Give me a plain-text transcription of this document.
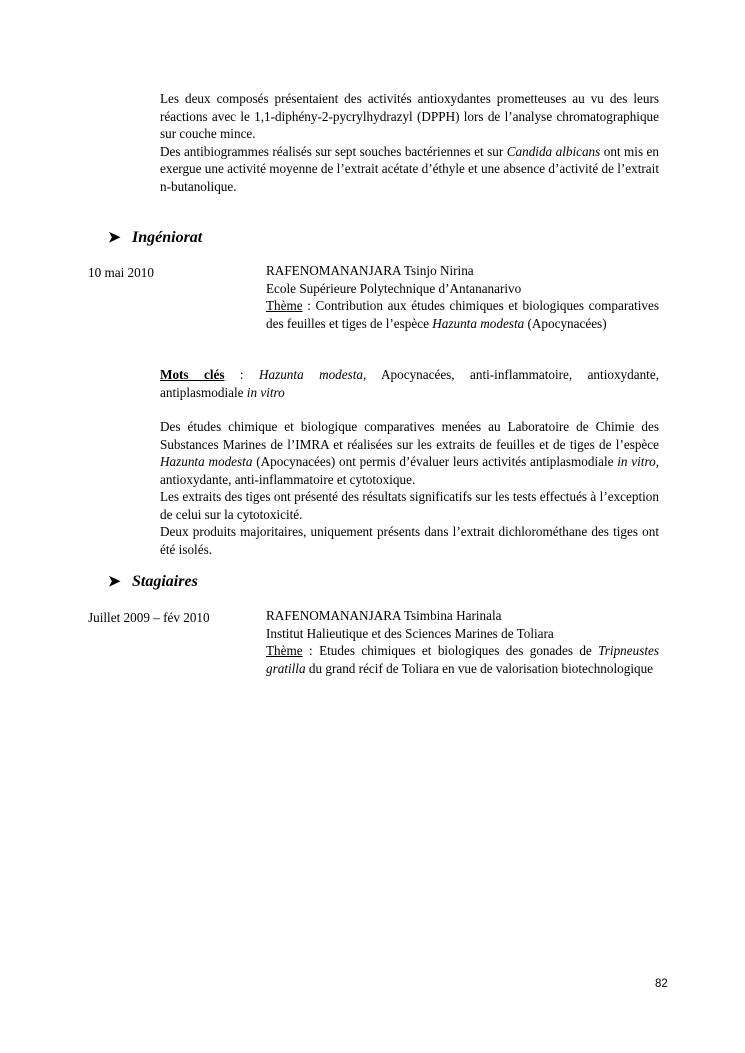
Les deux composés présentaient des activités antioxydantes prometteuses au vu des leurs réactions avec le 1,1-diphény-2-pycrylhydrazyl (DPPH) lors de l’analyse chromatographique sur couche mince.

Des antibiogrammes réalisés sur sept souches bactériennes et sur Candida albicans ont mis en exergue une activité moyenne de l’extrait acétate d’éthyle et une absence d’activité de l’extrait n-butanolique.

➤ Ingéniorat
10 mai 2010	RAFENOMANANJARA Tsinjo Nirina

Ecole Supérieure Polytechnique d’Antananarivo

Thème : Contribution aux études chimiques et biologiques comparatives des feuilles et tiges de l’espèce Hazunta modesta (Apocynacées)

Mots clés : Hazunta modesta, Apocynacées, anti-inflammatoire, antioxydante, antiplasmodiale in vitro

Des études chimique et biologique comparatives menées au Laboratoire de Chimie des Substances Marines de l’IMRA et réalisées sur les extraits de feuilles et de tiges de l’espèce Hazunta modesta (Apocynacées) ont permis d’évaluer leurs activités antiplasmodiale in vitro, antioxydante, anti-inflammatoire et cytotoxique.

Les extraits des tiges ont présenté des résultats significatifs sur les tests effectués à l’exception de celui sur la cytotoxicité.

Deux produits majoritaires, uniquement présents dans l’extrait dichlorométhane des tiges ont été isolés.

➤ Stagiaires
Juillet 2009 – fév 2010	RAFENOMANANJARA Tsimbina Harinala

Institut Halieutique et des Sciences Marines de Toliara

Thème : Etudes chimiques et biologiques des gonades de Tripneustes gratilla du grand récif de Toliara en vue de valorisation biotechnologique

82
